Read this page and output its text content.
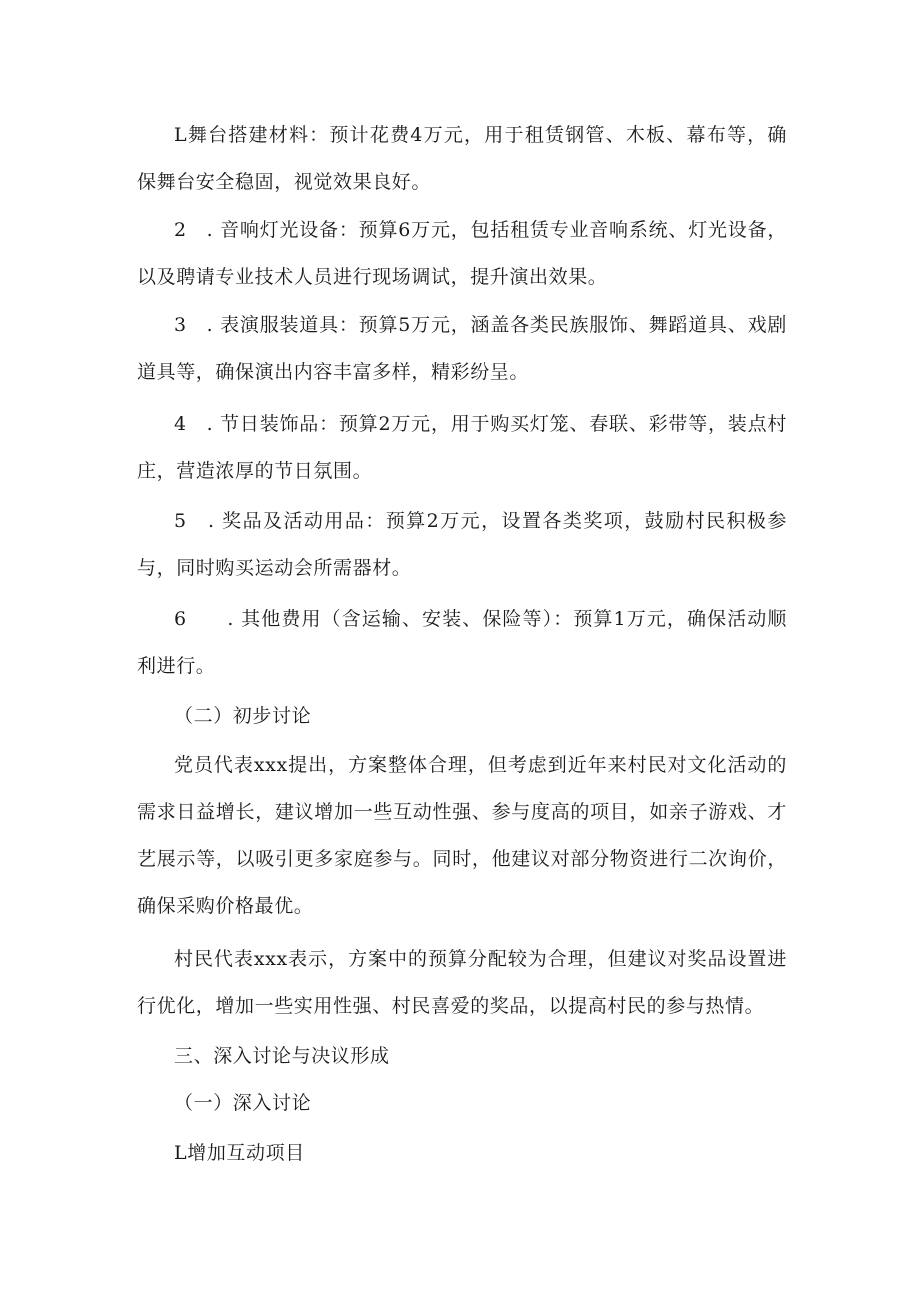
L舞台搭建材料：预计花费4万元，用于租赁钢管、木板、幕布等，确保舞台安全稳固，视觉效果良好。

2　. 音响灯光设备：预算6万元，包括租赁专业音响系统、灯光设备，以及聘请专业技术人员进行现场调试，提升演出效果。

3　. 表演服装道具：预算5万元，涵盖各类民族服饰、舞蹈道具、戏剧道具等，确保演出内容丰富多样，精彩纷呈。

4　. 节日装饰品：预算2万元，用于购买灯笼、春联、彩带等，装点村庄，营造浓厚的节日氛围。

5　. 奖品及活动用品：预算2万元，设置各类奖项，鼓励村民积极参与，同时购买运动会所需器材。

6　　. 其他费用（含运输、安装、保险等）：预算1万元，确保活动顺利进行。

（二）初步讨论

党员代表xxx提出，方案整体合理，但考虑到近年来村民对文化活动的需求日益增长，建议增加一些互动性强、参与度高的项目，如亲子游戏、才艺展示等，以吸引更多家庭参与。同时，他建议对部分物资进行二次询价，确保采购价格最优。

村民代表xxx表示，方案中的预算分配较为合理，但建议对奖品设置进行优化，增加一些实用性强、村民喜爱的奖品，以提高村民的参与热情。

三、深入讨论与决议形成

（一）深入讨论

L增加互动项目
